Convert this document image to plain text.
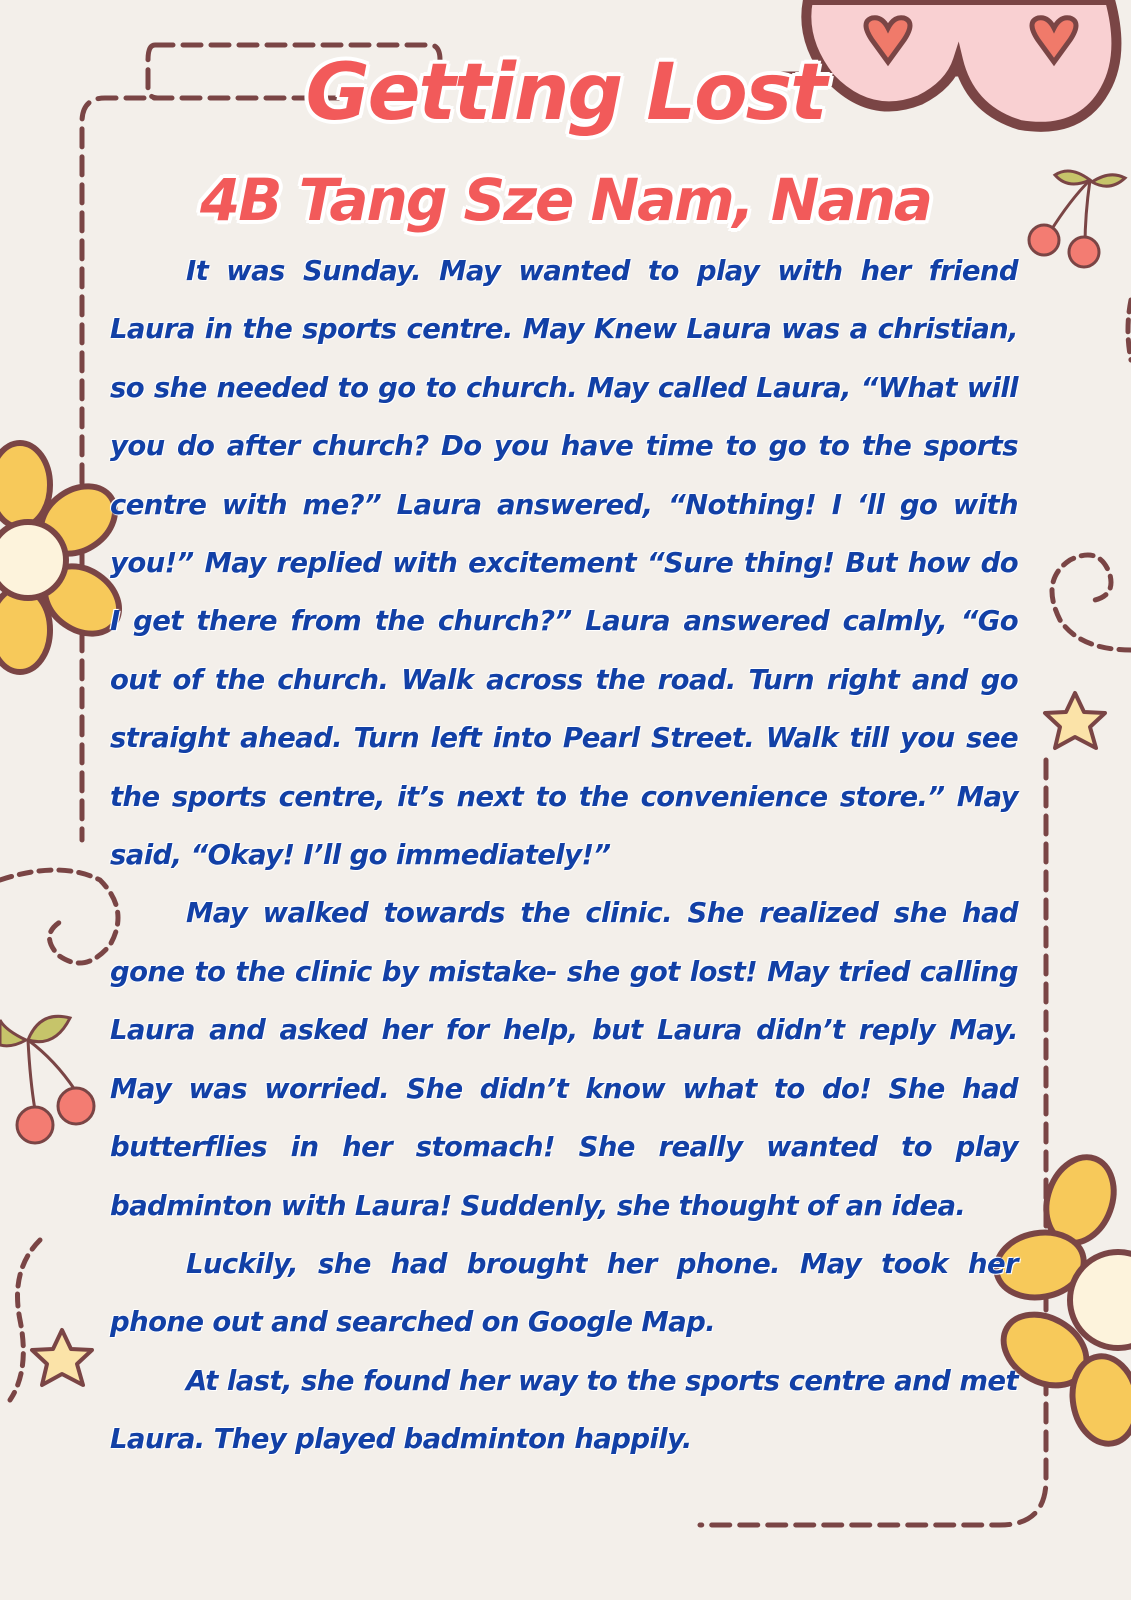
Getting Lost
4B Tang Sze Nam, Nana

It was Sunday. May wanted to play with her friend Laura in the sports centre. May Knew Laura was a christian, so she needed to go to church. May called Laura, “What will you do after church? Do you have time to go to the sports centre with me?” Laura answered, “Nothing! I ‘ll go with you!” May replied with excitement “Sure thing! But how do I get there from the church?” Laura answered calmly, “Go out of the church. Walk across the road. Turn right and go straight ahead. Turn left into Pearl Street. Walk till you see the sports centre, it’s next to the convenience store.” May said, “Okay! I’ll go immediately!”

May walked towards the clinic. She realized she had gone to the clinic by mistake- she got lost! May tried calling Laura and asked her for help, but Laura didn’t reply May. May was worried. She didn’t know what to do! She had butterflies in her stomach! She really wanted to play badminton with Laura! Suddenly, she thought of an idea.

Luckily, she had brought her phone. May took her phone out and searched on Google Map.

At last, she found her way to the sports centre and met Laura. They played badminton happily.
